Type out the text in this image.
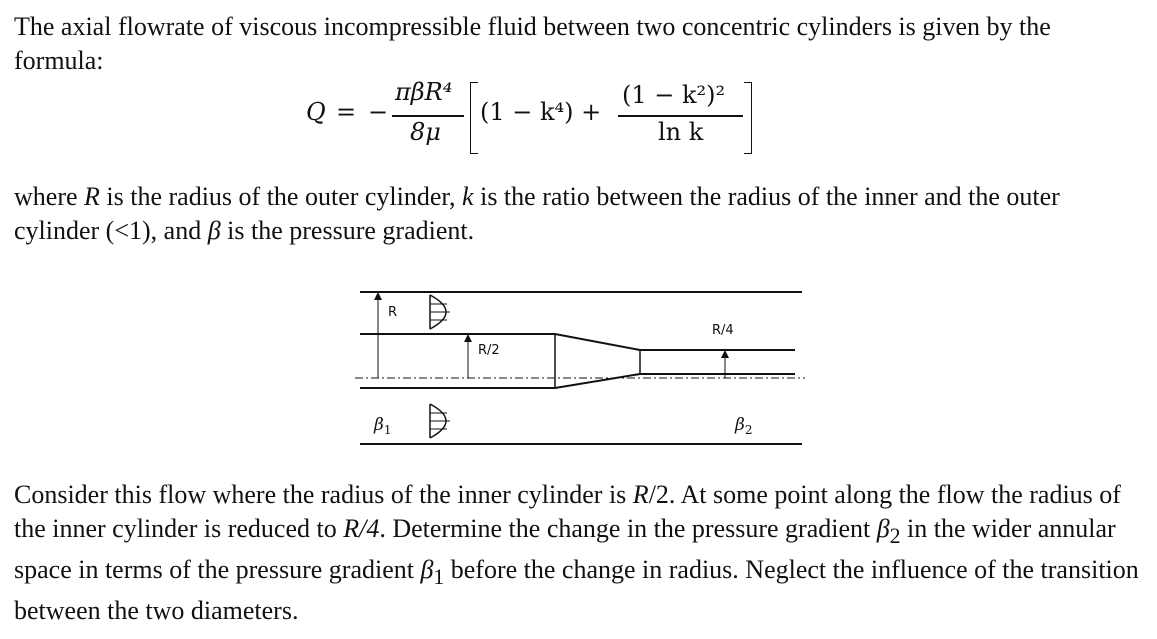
The axial flowrate of viscous incompressible fluid between two concentric cylinders is given by the formula:

Q = −
πβR⁴
8μ
(1 − k⁴) +
(1 − k²)²
ln k

where R is the radius of the outer cylinder, k is the ratio between the radius of the inner and the outer cylinder (<1), and β is the pressure gradient.

R
R/2
R/4
$\beta_1$	$\beta_2$

Consider this flow where the radius of the inner cylinder is R/2. At some point along the flow the radius of the inner cylinder is reduced to R/4. Determine the change in the pressure gradient $\beta_2$ in the wider annular space in terms of the pressure gradient $\beta_1$ before the change in radius. Neglect the influence of the transition between the two diameters.
